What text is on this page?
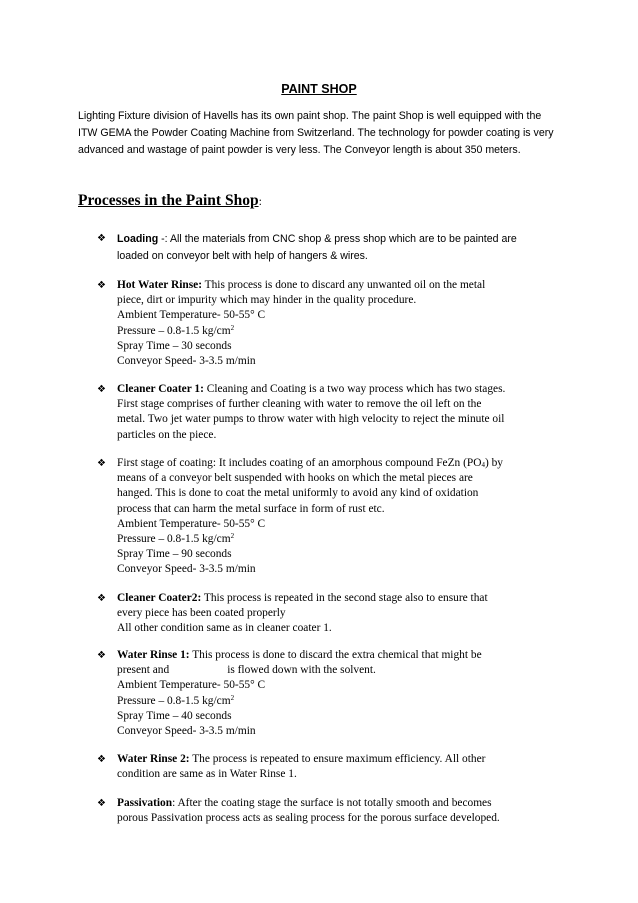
PAINT SHOP

Lighting Fixture division of Havells has its own paint shop. The paint Shop is well equipped with the ITW GEMA the Powder Coating Machine from Switzerland. The technology for powder coating is very advanced and wastage of paint powder is very less. The Conveyor length is about 350 meters.

Processes in the Paint Shop:
❖	Loading -: All the materials from CNC shop & press shop which are to be painted are
loaded on conveyor belt with help of hangers & wires.
❖ Hot Water Rinse: This process is done to discard any unwanted oil on the metal
piece, dirt or impurity which may hinder in the quality procedure.
Ambient Temperature- 50-55° C
Pressure – 0.8-1.5 $kg/cm^2$
Spray Time – 30 seconds
Conveyor Speed- 3-3.5 m/min
❖ Cleaner Coater 1: Cleaning and Coating is a two way process which has two stages.
First stage comprises of further cleaning with water to remove the oil left on the
metal. Two jet water pumps to throw water with high velocity to reject the minute oil
particles on the piece.
❖ First stage of coating: It includes coating of an amorphous compound FeZn $(PO_4)$ by
means of a conveyor belt suspended with hooks on which the metal pieces are
hanged. This is done to coat the metal uniformly to avoid any kind of oxidation
process that can harm the metal surface in form of rust etc.
Ambient Temperature- 50-55° C
Pressure – 0.8-1.5 $kg/cm^2$
Spray Time – 90 seconds
Conveyor Speed- 3-3.5 m/min
❖ Cleaner Coater2: This process is repeated in the second stage also to ensure that
every piece has been coated properly
All other condition same as in cleaner coater 1.
❖ Water Rinse 1: This process is done to discard the extra chemical that might be
present and	is flowed down with the solvent.
Ambient Temperature- 50-55° C
Pressure – 0.8-1.5 $kg/cm^2$
Spray Time – 40 seconds
Conveyor Speed- 3-3.5 m/min
❖ Water Rinse 2: The process is repeated to ensure maximum efficiency. All other
condition are same as in Water Rinse 1.
❖ Passivation: After the coating stage the surface is not totally smooth and becomes
porous Passivation process acts as sealing process for the porous surface developed.
